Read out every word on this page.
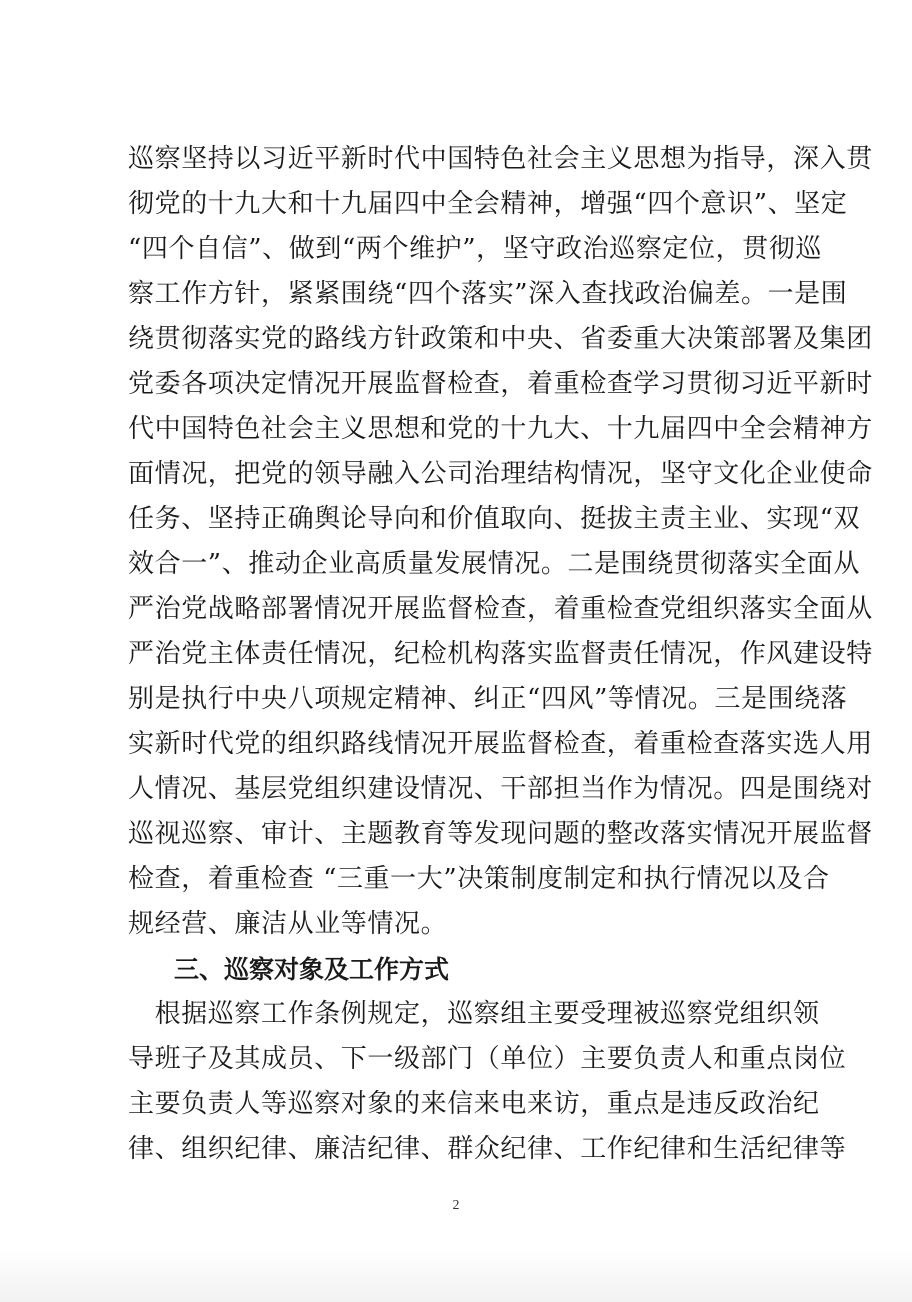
巡察坚持以习近平新时代中国特色社会主义思想为指导，深入贯
彻党的十九大和十九届四中全会精神，增强“四个意识”、坚定
“四个自信”、做到“两个维护”，坚守政治巡察定位，贯彻巡
察工作方针，紧紧围绕“四个落实”深入查找政治偏差。一是围
绕贯彻落实党的路线方针政策和中央、省委重大决策部署及集团
党委各项决定情况开展监督检查，着重检查学习贯彻习近平新时
代中国特色社会主义思想和党的十九大、十九届四中全会精神方
面情况，把党的领导融入公司治理结构情况，坚守文化企业使命
任务、坚持正确舆论导向和价值取向、挺拔主责主业、实现“双
效合一”、推动企业高质量发展情况。二是围绕贯彻落实全面从
严治党战略部署情况开展监督检查，着重检查党组织落实全面从
严治党主体责任情况，纪检机构落实监督责任情况，作风建设特
别是执行中央八项规定精神、纠正“四风”等情况。三是围绕落
实新时代党的组织路线情况开展监督检查，着重检查落实选人用
人情况、基层党组织建设情况、干部担当作为情况。四是围绕对
巡视巡察、审计、主题教育等发现问题的整改落实情况开展监督
检查，着重检查 “三重一大”决策制度制定和执行情况以及合
规经营、廉洁从业等情况。
三、巡察对象及工作方式
　根据巡察工作条例规定，巡察组主要受理被巡察党组织领
导班子及其成员、下一级部门（单位）主要负责人和重点岗位
主要负责人等巡察对象的来信来电来访，重点是违反政治纪
律、组织纪律、廉洁纪律、群众纪律、工作纪律和生活纪律等
2
